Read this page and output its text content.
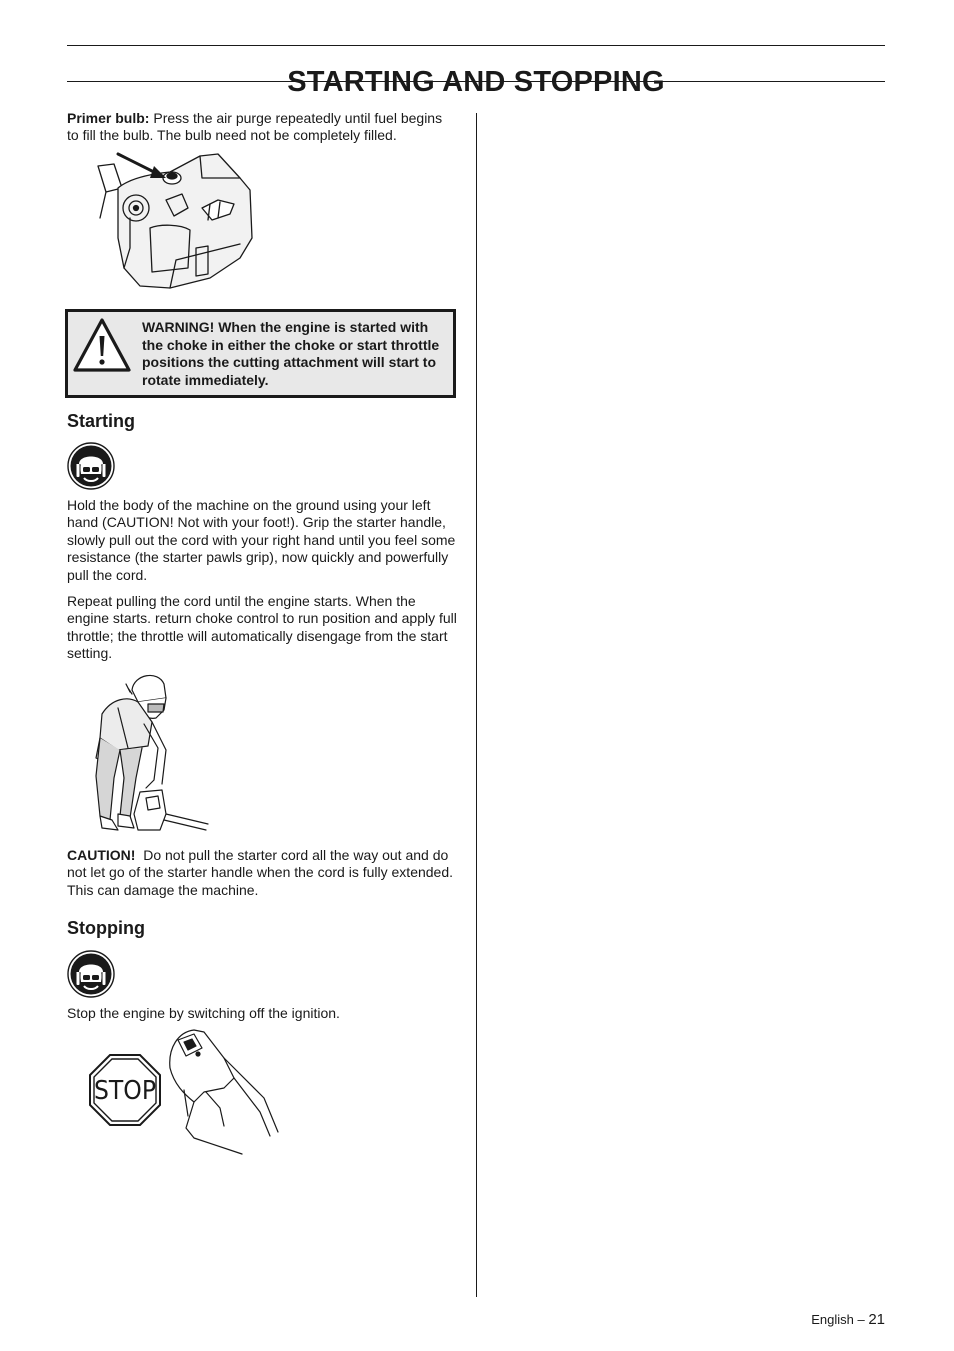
STARTING AND STOPPING

Primer bulb: Press the air purge repeatedly until fuel begins to fill the bulb. The bulb need not be completely filled.

WARNING! When the engine is started with the choke in either the choke or start throttle positions the cutting attachment will start to rotate immediately.

Starting

Hold the body of the machine on the ground using your left hand (CAUTION! Not with your foot!). Grip the starter handle, slowly pull out the cord with your right hand until you feel some resistance (the starter pawls grip), now quickly and powerfully pull the cord.

Repeat pulling the cord until the engine starts. When the engine starts. return choke control to run position and apply full throttle; the throttle will automatically disengage from the start setting.

CAUTION! Do not pull the starter cord all the way out and do not let go of the starter handle when the cord is fully extended. This can damage the machine.

Stopping

Stop the engine by switching off the ignition.

STOP
English – 21
